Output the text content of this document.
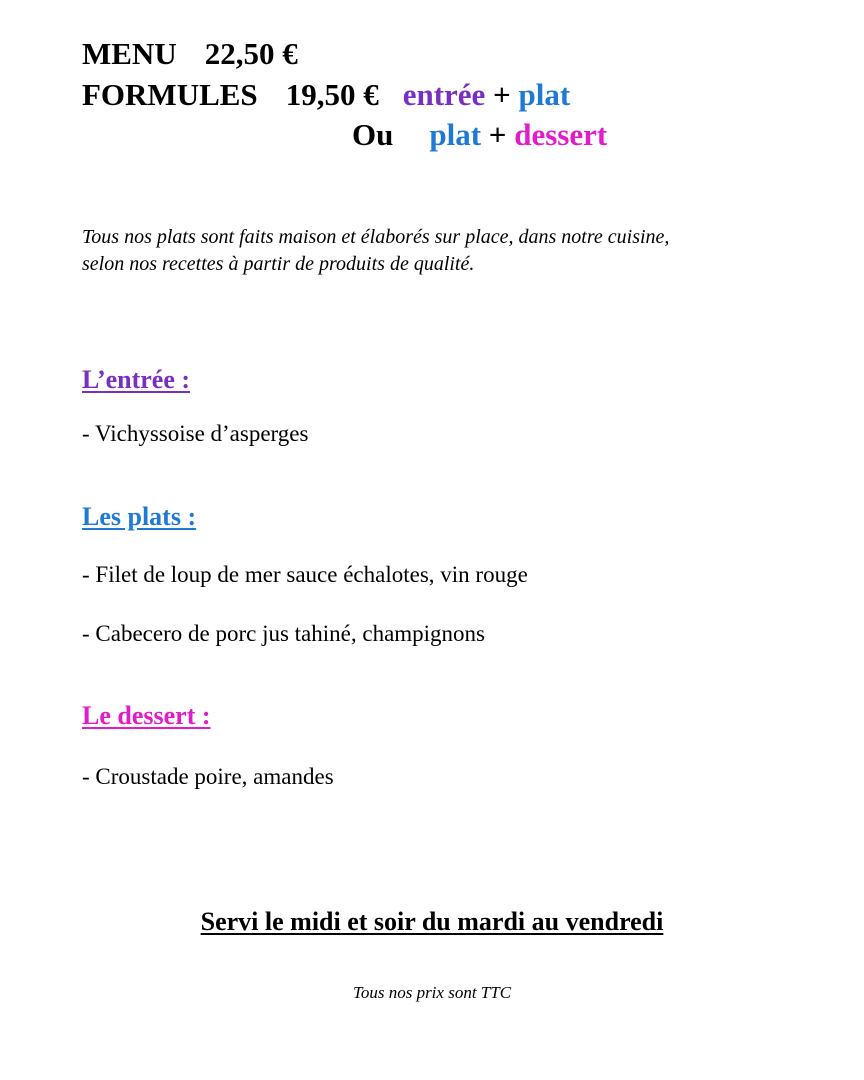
MENU 22,50 €
FORMULES 19,50 € entrée + plat
Ou plat + dessert
Tous nos plats sont faits maison et élaborés sur place, dans notre cuisine,
selon nos recettes à partir de produits de qualité.
L’entrée :
- Vichyssoise d’asperges
Les plats :
- Filet de loup de mer sauce échalotes, vin rouge
- Cabecero de porc jus tahiné, champignons
Le dessert :
- Croustade poire, amandes
Servi le midi et soir du mardi au vendredi
Tous nos prix sont TTC
